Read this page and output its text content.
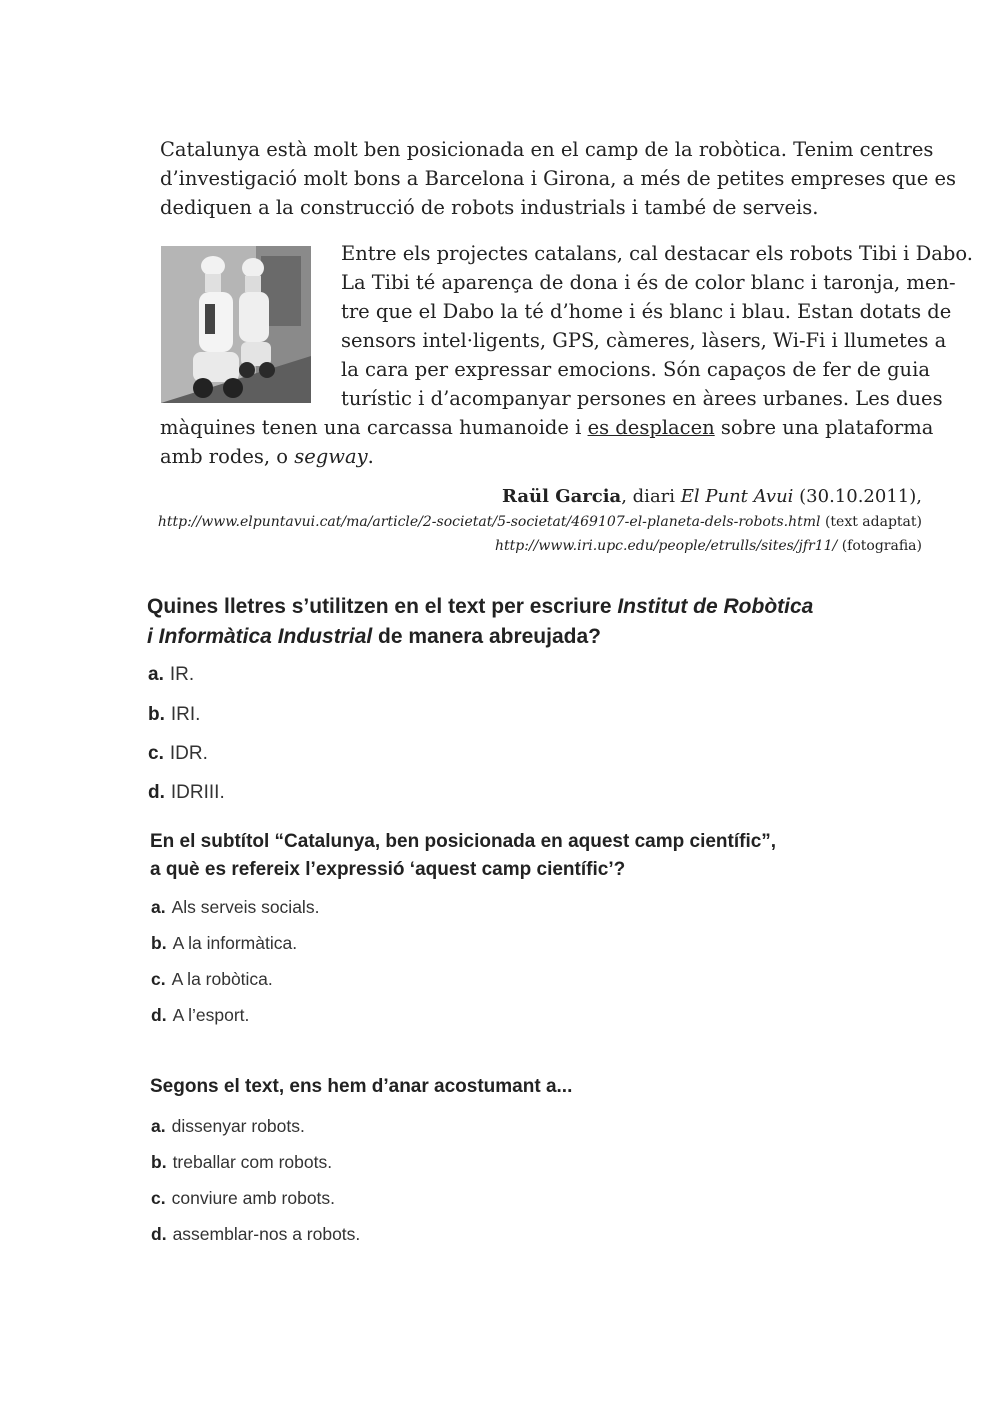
Catalunya està molt ben posicionada en el camp de la robòtica. Tenim centres
d’investigació molt bons a Barcelona i Girona, a més de petites empreses que es
dediquen a la construcció de robots industrials i també de serveis.
Entre els projectes catalans, cal destacar els robots Tibi i Dabo.
La Tibi té aparença de dona i és de color blanc i taronja, men-
tre que el Dabo la té d’home i és blanc i blau. Estan dotats de
sensors intel·ligents, GPS, càmeres, làsers, Wi-Fi i llumetes a
la cara per expressar emocions. Són capaços de fer de guia
turístic i d’acompanyar persones en àrees urbanes. Les dues
màquines tenen una carcassa humanoide i es desplacen sobre una plataforma
amb rodes, o segway.
Raül Garcia, diari El Punt Avui (30.10.2011),
http://www.elpuntavui.cat/ma/article/2-societat/5-societat/469107-el-planeta-dels-robots.html (text adaptat)
http://www.iri.upc.edu/people/etrulls/sites/jfr11/ (fotografia)
Quines lletres s’utilitzen en el text per escriure Institut de Robòtica
i Informàtica Industrial de manera abreujada?
a. IR.
b. IRI.
c. IDR.
d. IDRIII.
En el subtítol “Catalunya, ben posicionada en aquest camp científic”,
a què es refereix l’expressió ‘aquest camp científic’?
a. Als serveis socials.
b. A la informàtica.
c. A la robòtica.
d. A l’esport.
Segons el text, ens hem d’anar acostumant a...
a. dissenyar robots.
b. treballar com robots.
c. conviure amb robots.
d. assemblar-nos a robots.
